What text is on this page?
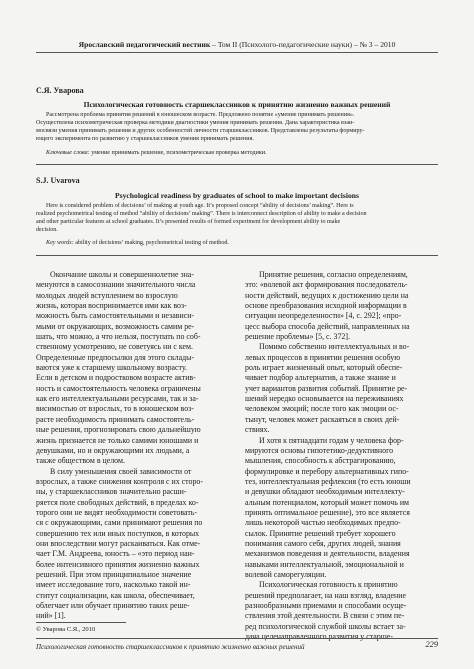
Ярославский педагогический вестник – Том II (Психолого-педагогические науки) – № 3 – 2010
С.Я. Уварова
Психологическая готовность старшеклассников к принятию жизненно важных решений
Рассмотрена проблема принятия решений в юношеском возрасте. Предложено понятие «умение принимать решения».
Осуществлена психометрическая проверка методики диагностики умения принимать решения. Дана характеристика взаи-
мосвязи умения принимать решения и других особенностей личности старшеклассников. Представлены результаты формиру-
ющего эксперимента по развитию у старшеклассников умения принимать решения.
Ключевые слова: умение принимать решение, психометрическая проверка методики.
S.J. Uvarova
Psychological readiness by graduates of school to make important decisions
Here is considered problem of decisions’ of making at youth age. It’s proposed concept “ability of decisions’ making”. Here is
realized psychometrical testing of method “ability of decisions’ making”. There is interconnect description of ability to make a decision
and other particular features at school graduates. It’s presented results of formed experiment for development ability to make
decision.
Key words: ability of decisions’ making, psychometrical testing of method.
Окончание школы и совершеннолетие зна-
менуются в самосознании значительного числа
молодых людей вступлением во взрослую
жизнь, которая воспринимается ими как воз-
можность быть самостоятельными и независи-
мыми от окружающих, возможность самим ре-
шать, что можно, а что нельзя, поступать по соб-
ственному усмотрению, не советуясь ни с кем.
Определенные предпосылки для этого склады-
ваются уже к старшему школьному возрасту.
Если в детском и подростковом возрасте актив-
ность и самостоятельность человека ограничены
как его интеллектуальными ресурсами, так и за-
висимостью от взрослых, то в юношеском воз-
расте необходимость принимать самостоятель-
ные решения, прогнозировать свою дальнейшую
жизнь признается не только самими юношами и
девушками, но и окружающими их людьми, а
также обществом в целом.
В силу уменьшения своей зависимости от
взрослых, а также снижения контроля с их сторо-
ны, у старшеклассников значительно расши-
ряется поле свободных действий, в пределах ко-
торого они не видят необходимости советовать-
ся с окружающими, сами принимают решения по
совершению тех или иных поступков, в которых
они впоследствии могут раскаиваться. Как отме-
чает Г.М. Андреева, юность – «это период наи-
более интенсивного принятия жизненно важных
решений. При этом принципиальное значение
имеет исследование того, насколько такой ин-
ститут социализации, как школа, обеспечивает,
облегчает или обучает принятию таких реше-
ний» [1].
Принятие решения, согласно определениям,
это: «волевой акт формирования последователь-
ности действий, ведущих к достижению цели на
основе преобразования исходной информации в
ситуации неопределенности» [4, с. 292]; «про-
цесс выбора способа действий, направленных на
решение проблемы» [5, с. 372].
Помимо собственно интеллектуальных и во-
левых процессов в принятии решения особую
роль играет жизненный опыт, который обеспе-
чивает подбор альтернатив, а также знание и
учет вариантов развития событий. Принятие ре-
шений нередко основывается на переживаниях
человеком эмоций; после того как эмоции ос-
тынут, человек может раскаяться в своих дей-
ствиях.
И хотя к пятнадцати годам у человека фор-
мируются основы гипотетико-дедуктивного
мышления, способность к абстрагированию,
формулировке и перебору альтернативных гипо-
тез, интеллектуальная рефлексия (то есть юноши
и девушки обладают необходимым интеллекту-
альным потенциалом, который может помочь им
принять оптимальное решение), это все является
лишь некоторой частью необходимых предпо-
сылок. Принятие решений требует хорошего
понимания самого себя, других людей, знания
механизмов поведения и деятельности, владения
навыками интеллектуальной, эмоциональной и
волевой саморегуляции.
Психологическая готовность к принятию
решений предполагает, на наш взгляд, владение
разнообразными приемами и способами осуще-
ствления этой деятельности. В связи с этим пе-
ред психологической службой школы встает за-
дача целенаправленного развития у старше-
© Уварова С.Я., 2010
Психологическая готовность старшеклассников к принятию жизненно важных решений	229
